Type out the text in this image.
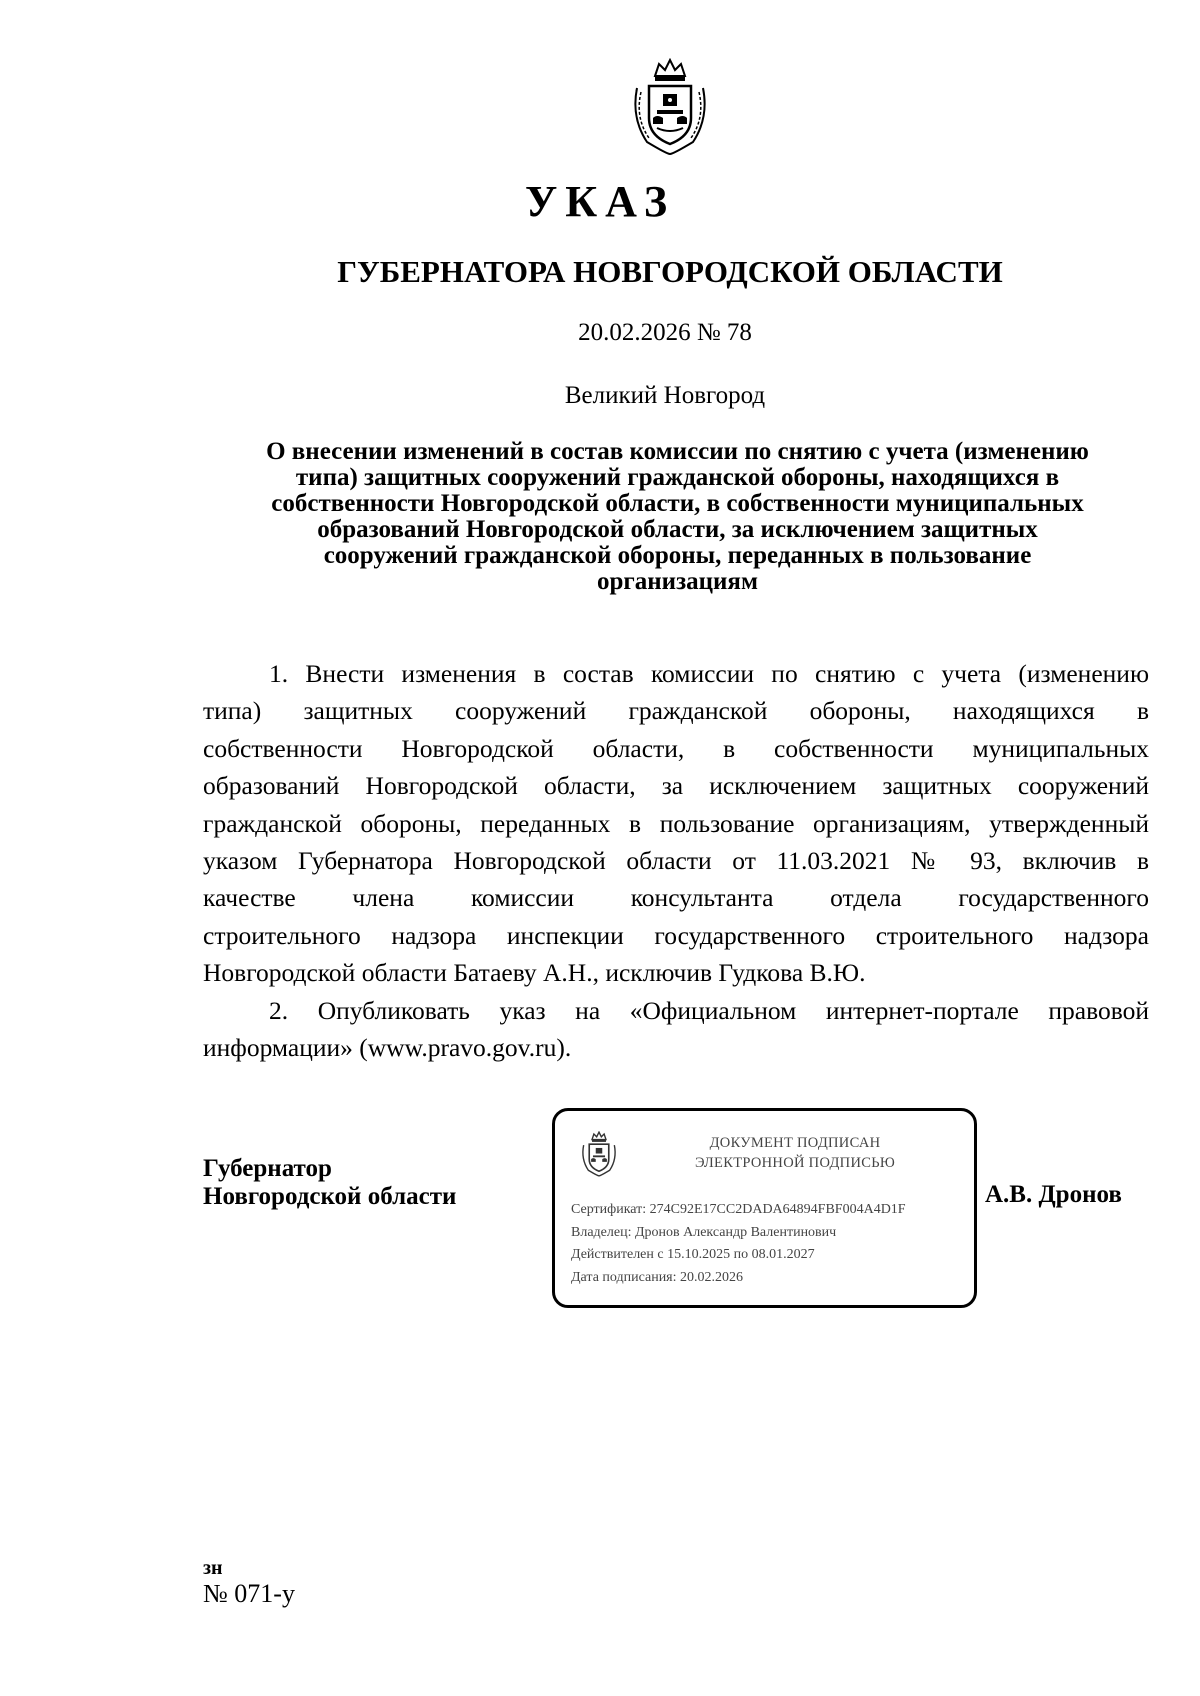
УКАЗ
ГУБЕРНАТОРА НОВГОРОДСКОЙ ОБЛАСТИ
20.02.2026 № 78
Великий Новгород
О внесении изменений в состав комиссии по снятию с учета (изменению
типа) защитных сооружений гражданской обороны, находящихся в
собственности Новгородской области, в собственности муниципальных
образований Новгородской области, за исключением защитных
сооружений гражданской обороны, переданных в пользование
организациям
1. Внести изменения в состав комиссии по снятию с учета (изменению
типа) защитных сооружений гражданской обороны, находящихся в
собственности Новгородской области, в собственности муниципальных
образований Новгородской области, за исключением защитных сооружений
гражданской обороны, переданных в пользование организациям, утвержденный
указом Губернатора Новгородской области от 11.03.2021 № 93, включив в
качестве члена комиссии консультанта отдела государственного
строительного надзора инспекции государственного строительного надзора
Новгородской области Батаеву А.Н., исключив Гудкова В.Ю.
2. Опубликовать указ на «Официальном интернет-портале правовой
информации» (www.pravo.gov.ru).
Губернатор
Новгородской области
ДОКУМЕНТ ПОДПИСАН
ЭЛЕКТРОННОЙ ПОДПИСЬЮ
Сертификат: 274C92E17CC2DADA64894FBF004A4D1F
Владелец: Дронов Александр Валентинович
Действителен с 15.10.2025 по 08.01.2027
Дата подписания: 20.02.2026
А.В. Дронов
зн
№ 071-у
